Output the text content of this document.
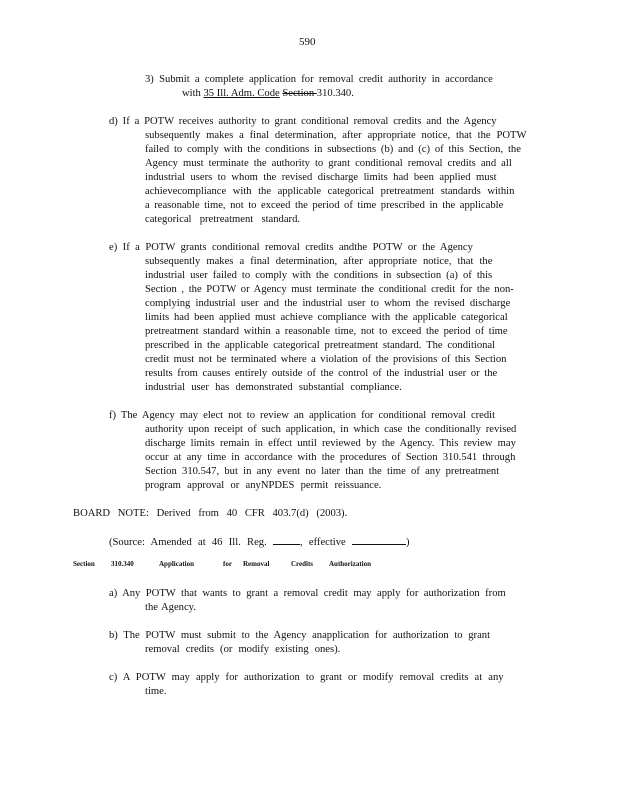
590
3) Submit a complete application for removal credit authority in accordance
with 35 Ill. Adm. Code Section 310.340.
d) If a POTW receives authority to grant conditional removal credits and the Agency
subsequently makes a final determination, after appropriate notice, that the POTW
failed to comply with the conditions in subsections (b) and (c) of this Section, the
Agency must terminate the authority to grant conditional removal credits and all
industrial users to whom the revised discharge limits had been applied must
achievecompliance with the applicable categorical pretreatment standards within
a reasonable time, not to exceed the period of time prescribed in the applicable
categorical pretreatment standard.
e) If a POTW grants conditional removal credits andthe POTW or the Agency
subsequently makes a final determination, after appropriate notice, that the
industrial user failed to comply with the conditions in subsection (a) of this
Section , the POTW or Agency must terminate the conditional credit for the non-
complying industrial user and the industrial user to whom the revised discharge
limits had been applied must achieve compliance with the applicable categorical
pretreatment standard within a reasonable time, not to exceed the period of time
prescribed in the applicable categorical pretreatment standard. The conditional
credit must not be terminated where a violation of the provisions of this Section
results from causes entirely outside of the control of the industrial user or the
industrial user has demonstrated substantial compliance.
f) The Agency may elect not to review an application for conditional removal credit
authority upon receipt of such application, in which case the conditionally revised
discharge limits remain in effect until reviewed by the Agency. This review may
occur at any time in accordance with the procedures of Section 310.541 through
Section 310.547, but in any event no later than the time of any pretreatment
program approval or anyNPDES permit reissuance.
BOARD NOTE: Derived from 40 CFR 403.7(d) (2003).
(Source: Amended at 46 Ill. Reg.	, effective	)
Section 310.340	Application	for Removal	Credits Authorization
a) Any POTW that wants to grant a removal credit may apply for authorization from
the Agency.
b) The POTW must submit to the Agency anapplication for authorization to grant
removal credits (or modify existing ones).
c) A POTW may apply for authorization to grant or modify removal credits at any
time.
